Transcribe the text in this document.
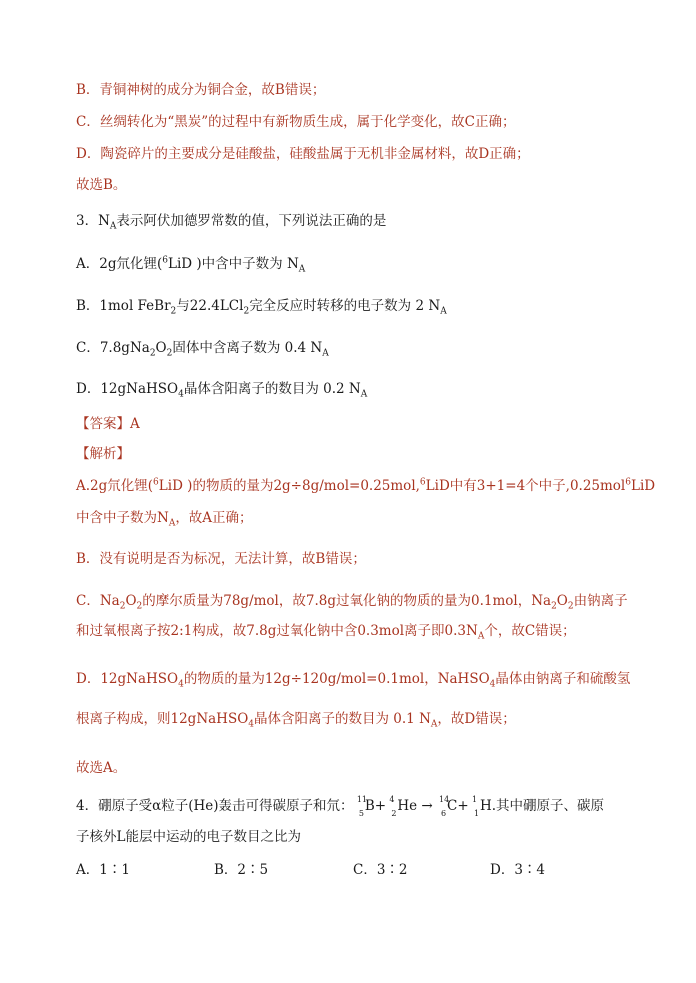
B．青铜神树的成分为铜合金，故B错误；
C．丝绸转化为“黑炭”的过程中有新物质生成，属于化学变化，故C正确；
D．陶瓷碎片的主要成分是硅酸盐，硅酸盐属于无机非金属材料，故D正确；
故选B。
3．$N_A$表示阿伏加德罗常数的值，下列说法正确的是
A．2g氘化锂($^6$LiD )中含中子数为 $N_A$
B．1mol FeBr$_2$与22.4LCl$_2$完全反应时转移的电子数为 2 $N_A$
C．$7.8gNa_2O_2$固体中含离子数为 0.4 $N_A$
D．12gNaHSO$_4$晶体含阳离子的数目为 0.2 $N_A$
【答案】A
【解析】
A.2g氘化锂($^6$LiD )的物质的量为2g÷8g/mol=0.25mol,$^6$LiD中有3+1=4个中子,0.25mol$^6$LiD
中含中子数为$N_A$，故A正确；
B．没有说明是否为标况，无法计算，故B错误；
C．$Na_2O_2$的摩尔质量为78g/mol，故7.8g过氧化钠的物质的量为0.1mol，$Na_2O_2$由钠离子
和过氧根离子按2:1构成，故7.8g过氧化钠中含0.3mol离子即$0.3N_A$个，故C错误；
D．12gNaHSO$_4$的物质的量为12g÷120g/mol=0.1mol，NaHSO$_4$晶体由钠离子和硫酸氢
根离子构成，则12gNaHSO$_4$晶体含阳离子的数目为 0.1 $N_A$，故D错误；
故选A。
4．硼原子受α粒子(He)轰击可得碳原子和氘： 11
5 B+ 4
2 He → 14
6 C+ 1
1 H.其中硼原子、碳原
子核外L能层中运动的电子数目之比为
A．1∶1	B．2∶5	C．3∶2	D．3∶4
